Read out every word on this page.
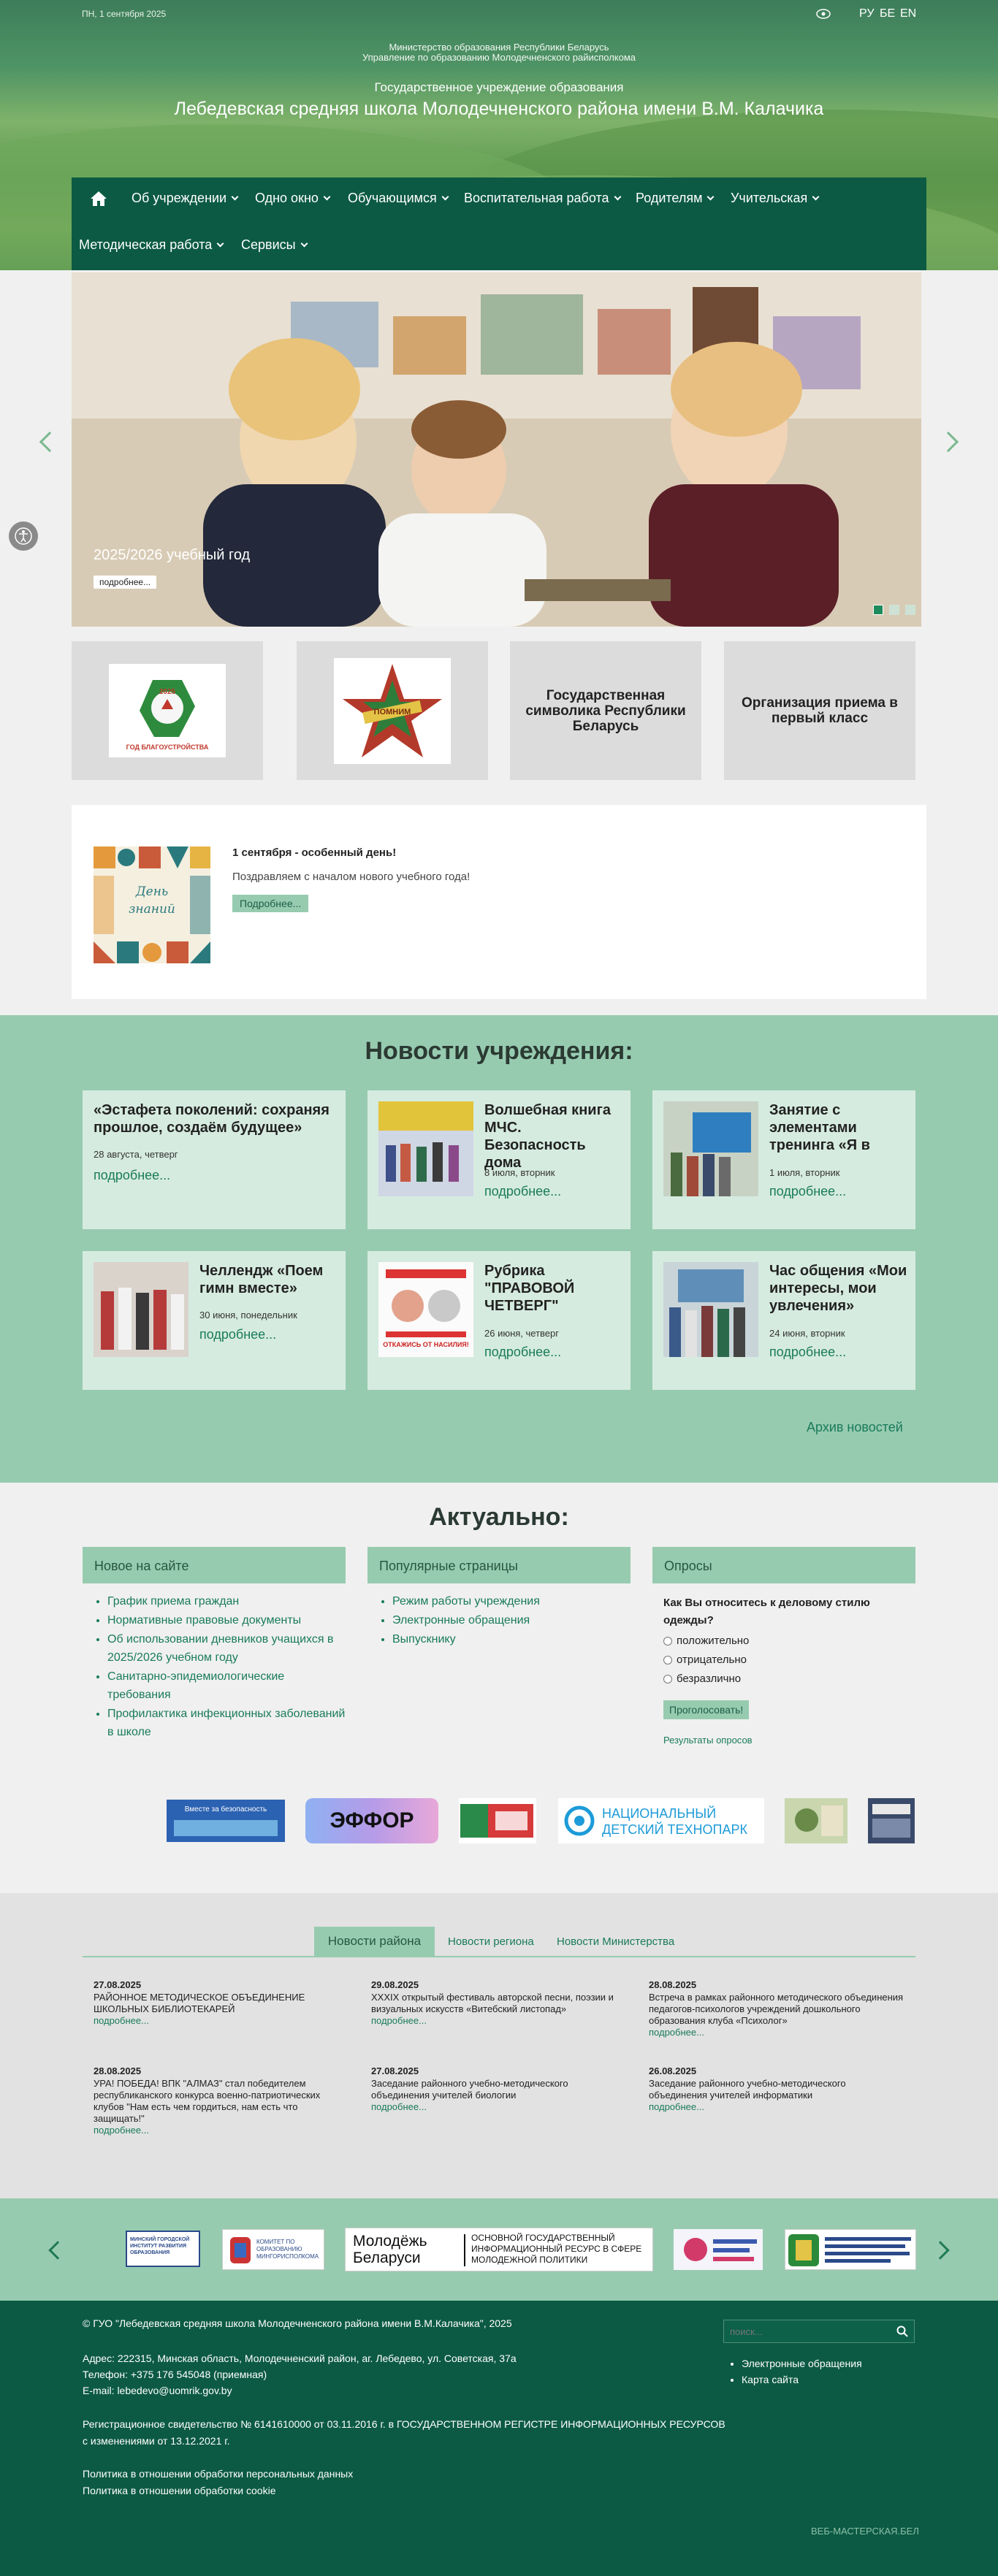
ПН, 1 сентября 2025	РУ БЕ EN
Министерство образования Республики Беларусь
Управление по образованию Молодечненского райисполкома
Государственное учреждение образования
Лебедевская средняя школа Молодечненского района имени В.М. Калачика
Об учреждении Одно окно Обучающимся Воспитательная работа Родителям Учительская
Методическая работа Сервисы
2025/2026 учебный год
подробнее...
2025
ГОД БЛАГОУСТРОЙСТВА
ПОМНИМ
Государственная символика Республики Беларусь
Организация приема в первый класс
День
знаний
1 сентября - особенный день!
Поздравляем с началом нового учебного года!
Подробнее...
Новости учреждения:
«Эстафета поколений: сохраняя прошлое, создаём будущее»
28 августа, четверг
подробнее...
Волшебная книга МЧС. Безопасность дома
8 июля, вторник
подробнее...
Занятие с элементами тренинга «Я в
1 июля, вторник
подробнее...
Челлендж «Поем гимн вместе»
30 июня, понедельник
подробнее...
ОТКАЖИСЬ ОТ НАСИЛИЯ!
Рубрика "ПРАВОВОЙ ЧЕТВЕРГ"
26 июня, четверг
подробнее...
Час общения «Мои интересы, мои увлечения»
24 июня, вторник
подробнее...
Архив новостей
Актуально:
Новое на сайте
• График приема граждан
• Нормативные правовые документы
• Об использовании дневников учащихся в 2025/2026 учебном году
• Санитарно-эпидемиологические требования
• Профилактика инфекционных заболеваний в школе
Популярные страницы
• Режим работы учреждения
• Электронные обращения
• Выпускнику
Опросы
Как Вы относитесь к деловому стилю одежды?
положительно
отрицательно
безразлично
Проголосовать!
Результаты опросов
Вместе за безопасность	ЭФФОР	НАЦИОНАЛЬНЫЙ ДЕТСКИЙ ТЕХНОПАРК
Новости района	Новости региона Новости Министерства
27.08.2025
РАЙОННОЕ МЕТОДИЧЕСКОЕ ОБЪЕДИНЕНИЕ ШКОЛЬНЫХ БИБЛИОТЕКАРЕЙ
подробнее...
29.08.2025
XXXIX открытый фестиваль авторской песни, поэзии и визуальных искусств «Витебский листопад»
подробнее...
28.08.2025
Встреча в рамках районного методического объединения педагогов-психологов учреждений дошкольного образования клуба «Психолог»
подробнее...
28.08.2025
УРА! ПОБЕДА! ВПК "АЛМАЗ" стал победителем республиканского конкурса военно-патриотических клубов "Нам есть чем гордиться, нам есть что защищать!"
подробнее...
27.08.2025
Заседание районного учебно-методического объединения учителей биологии
подробнее...
26.08.2025
Заседание районного учебно-методического объединения учителей информатики
подробнее...
МИНСКИЙ ГОРОДСКОЙ ИНСТИТУТ РАЗВИТИЯ ОБРАЗОВАНИЯ
КОМИТЕТ ПО ОБРАЗОВАНИЮ МИНГОРИСПОЛКОМА
Молодёжь
Беларуси
ОСНОВНОЙ ГОСУДАРСТВЕННЫЙ ИНФОРМАЦИОННЫЙ РЕСУРС В СФЕРЕ МОЛОДЕЖНОЙ ПОЛИТИКИ
© ГУО "Лебедевская средняя школа Молодечненского района имени В.М.Калачика", 2025
Адрес: 222315, Минская область, Молодечненский район, аг. Лебедево, ул. Советская, 37а
Телефон: +375 176 545048 (приемная)
E-mail: lebedevo@uomrik.gov.by
Регистрационное свидетельство № 6141610000 от 03.11.2016 г. в ГОСУДАРСТВЕННОМ РЕГИСТРЕ ИНФОРМАЦИОННЫХ РЕСУРСОВ
с изменениями от 13.12.2021 г.
Политика в отношении обработки персональных данных
Политика в отношении обработки cookie
поиск...
• Электронные обращения
• Карта сайта
ВЕБ-МАСТЕРСКАЯ.БЕЛ
